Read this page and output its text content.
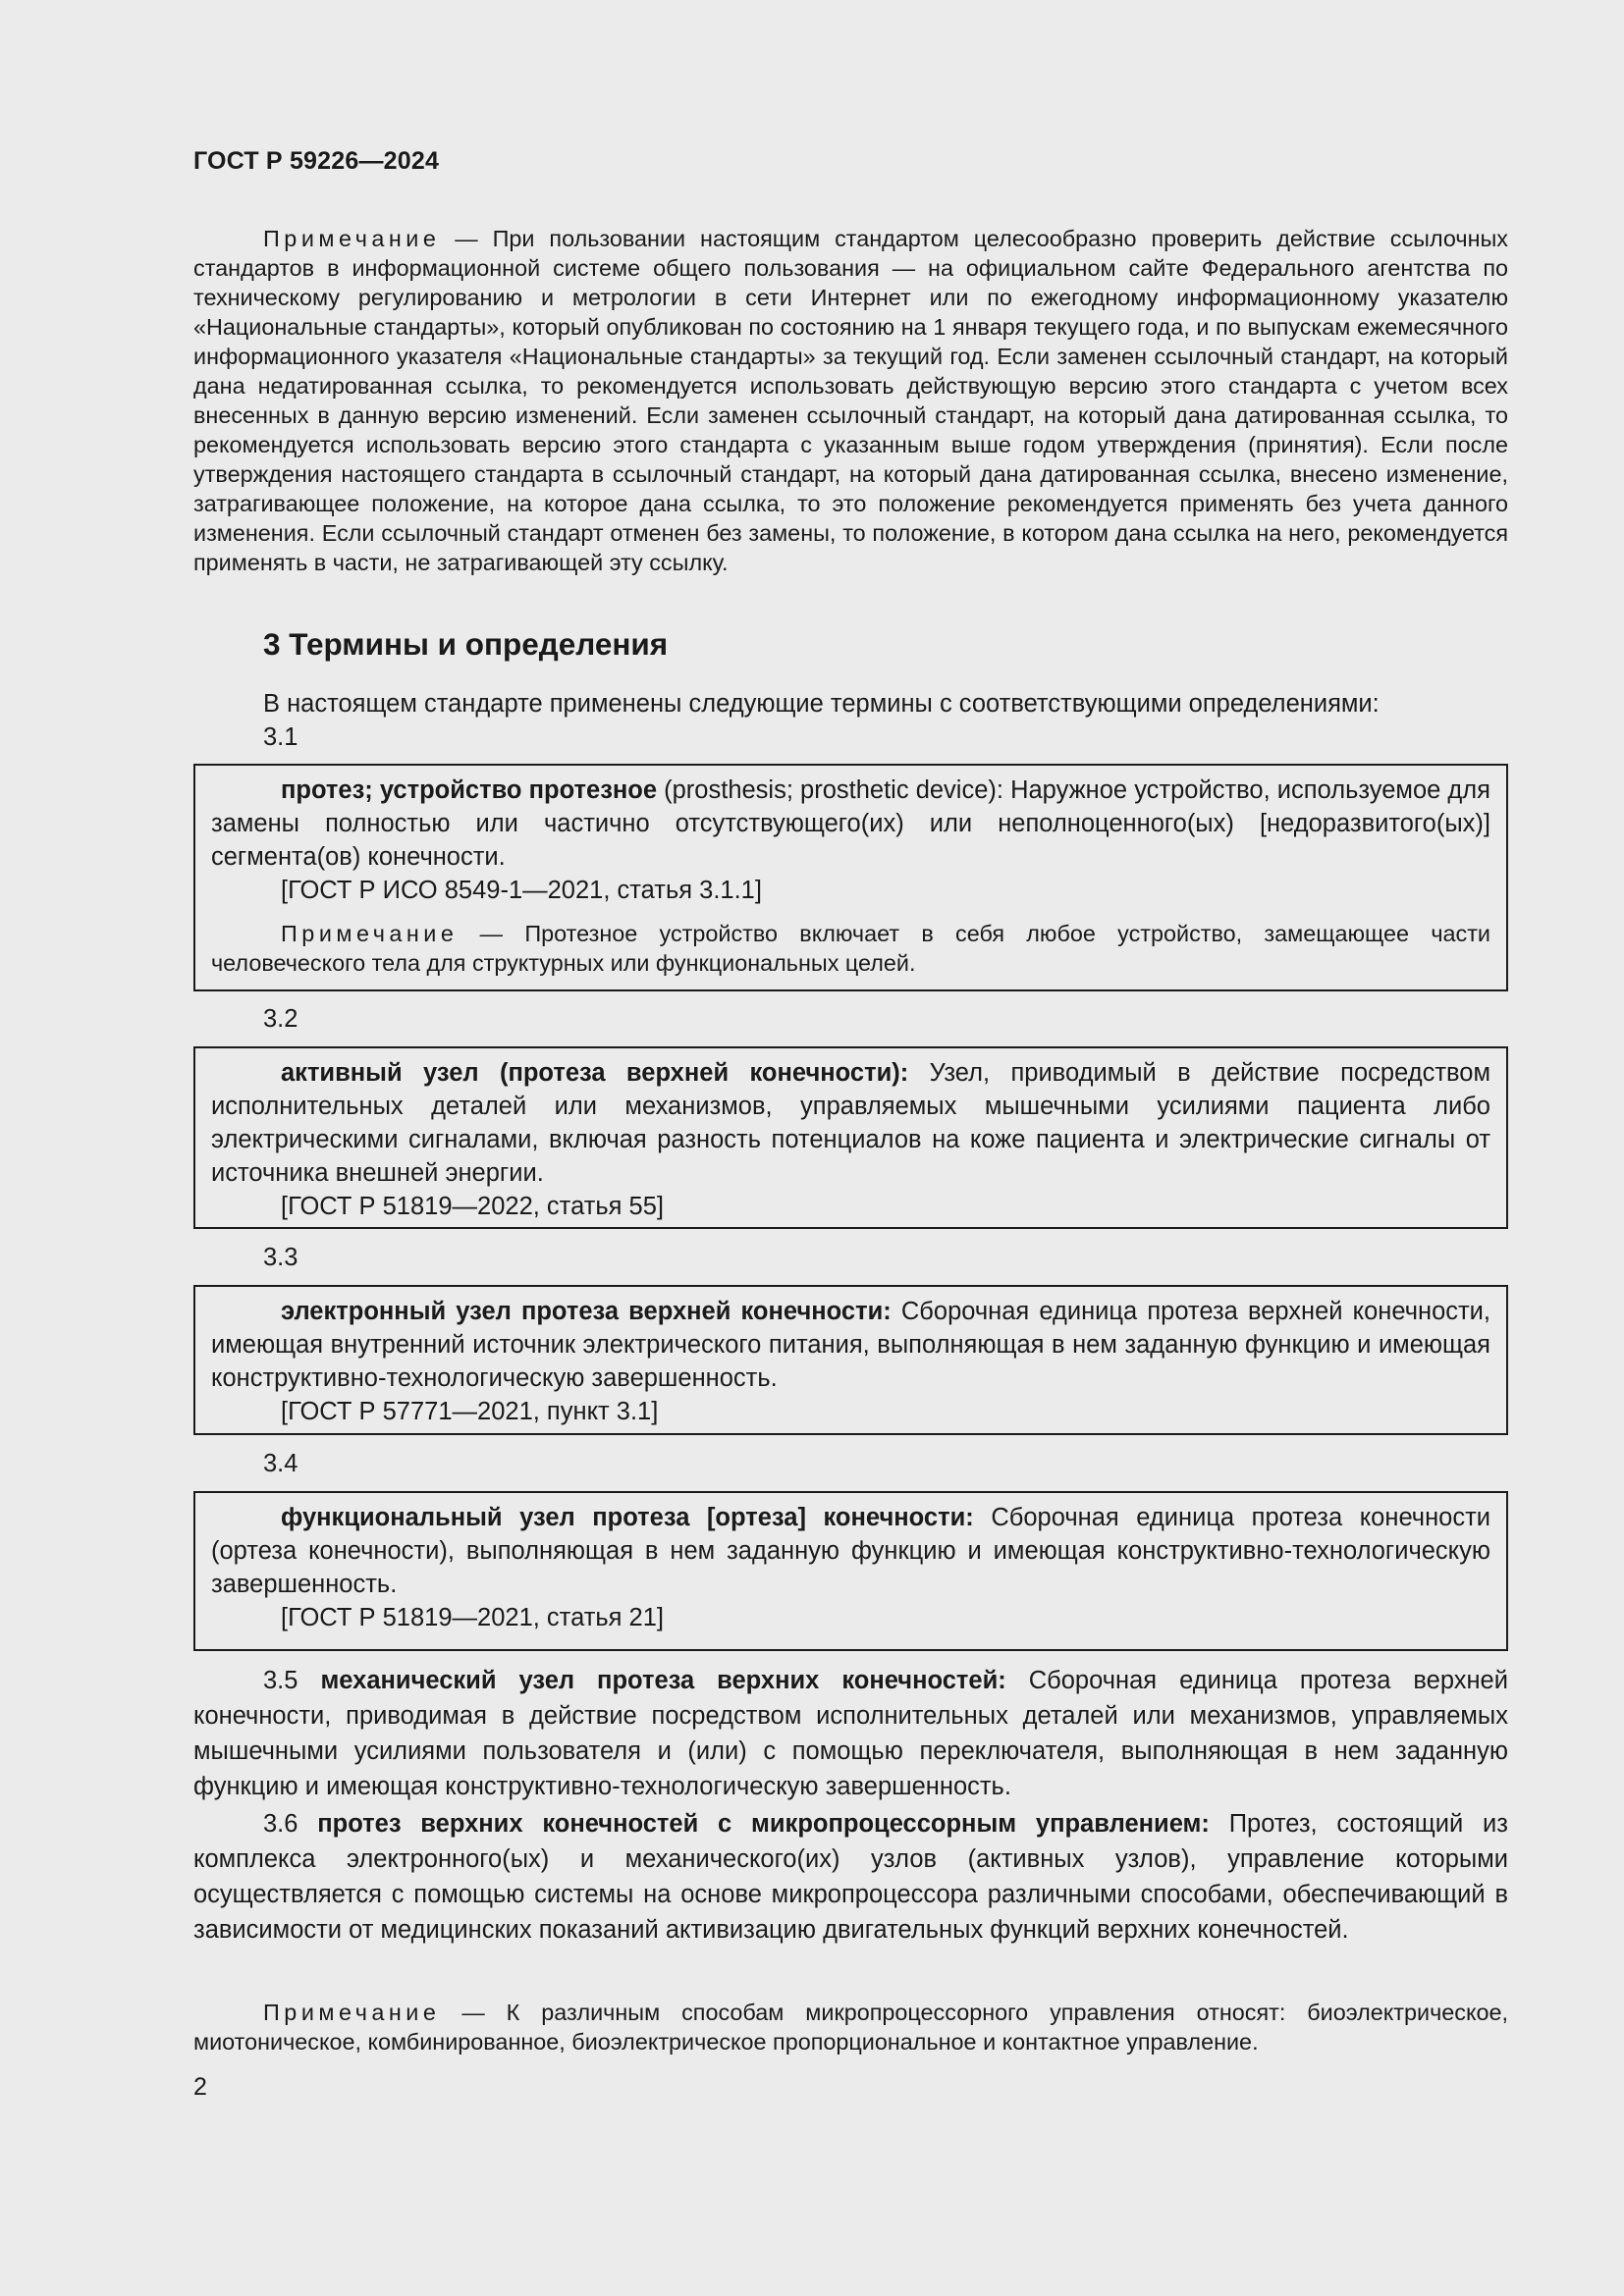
ГОСТ Р 59226—2024
Примечание — При пользовании настоящим стандартом целесообразно проверить действие ссылочных стандартов в информационной системе общего пользования — на официальном сайте Федерального агентства по техническому регулированию и метрологии в сети Интернет или по ежегодному информационному указателю «Национальные стандарты», который опубликован по состоянию на 1 января текущего года, и по выпускам ежемесячного информационного указателя «Национальные стандарты» за текущий год. Если заменен ссылочный стандарт, на который дана недатированная ссылка, то рекомендуется использовать действующую версию этого стандарта с учетом всех внесенных в данную версию изменений. Если заменен ссылочный стандарт, на который дана датированная ссылка, то рекомендуется использовать версию этого стандарта с указанным выше годом утверждения (принятия). Если после утверждения настоящего стандарта в ссылочный стандарт, на который дана датированная ссылка, внесено изменение, затрагивающее положение, на которое дана ссылка, то это положение рекомендуется применять без учета данного изменения. Если ссылочный стандарт отменен без замены, то положение, в котором дана ссылка на него, рекомендуется применять в части, не затрагивающей эту ссылку.
3 Термины и определения
В настоящем стандарте применены следующие термины с соответствующими определениями:
3.1

протез; устройство протезное (prosthesis; prosthetic device): Наружное устройство, используемое для замены полностью или частично отсутствующего(их) или неполноценного(ых) [недоразвитого(ых)] сегмента(ов) конечности.

[ГОСТ Р ИСО 8549-1—2021, статья 3.1.1]

Примечание — Протезное устройство включает в себя любое устройство, замещающее части человеческого тела для структурных или функциональных целей.

3.2

активный узел (протеза верхней конечности): Узел, приводимый в действие посредством исполнительных деталей или механизмов, управляемых мышечными усилиями пациента либо электрическими сигналами, включая разность потенциалов на коже пациента и электрические сигналы от источника внешней энергии.

[ГОСТ Р 51819—2022, статья 55]

3.3

электронный узел протеза верхней конечности: Сборочная единица протеза верхней конечности, имеющая внутренний источник электрического питания, выполняющая в нем заданную функцию и имеющая конструктивно-технологическую завершенность.

[ГОСТ Р 57771—2021, пункт 3.1]

3.4

функциональный узел протеза [ортеза] конечности: Сборочная единица протеза конечности (ортеза конечности), выполняющая в нем заданную функцию и имеющая конструктивно-технологическую завершенность.

[ГОСТ Р 51819—2021, статья 21]

3.5 механический узел протеза верхних конечностей: Сборочная единица протеза верхней конечности, приводимая в действие посредством исполнительных деталей или механизмов, управляемых мышечными усилиями пользователя и (или) с помощью переключателя, выполняющая в нем заданную функцию и имеющая конструктивно-технологическую завершенность.

3.6 протез верхних конечностей с микропроцессорным управлением: Протез, состоящий из комплекса электронного(ых) и механического(их) узлов (активных узлов), управление которыми осуществляется с помощью системы на основе микропроцессора различными способами, обеспечивающий в зависимости от медицинских показаний активизацию двигательных функций верхних конечностей.

Примечание — К различным способам микропроцессорного управления относят: биоэлектрическое, миотоническое, комбинированное, биоэлектрическое пропорциональное и контактное управление.
2
